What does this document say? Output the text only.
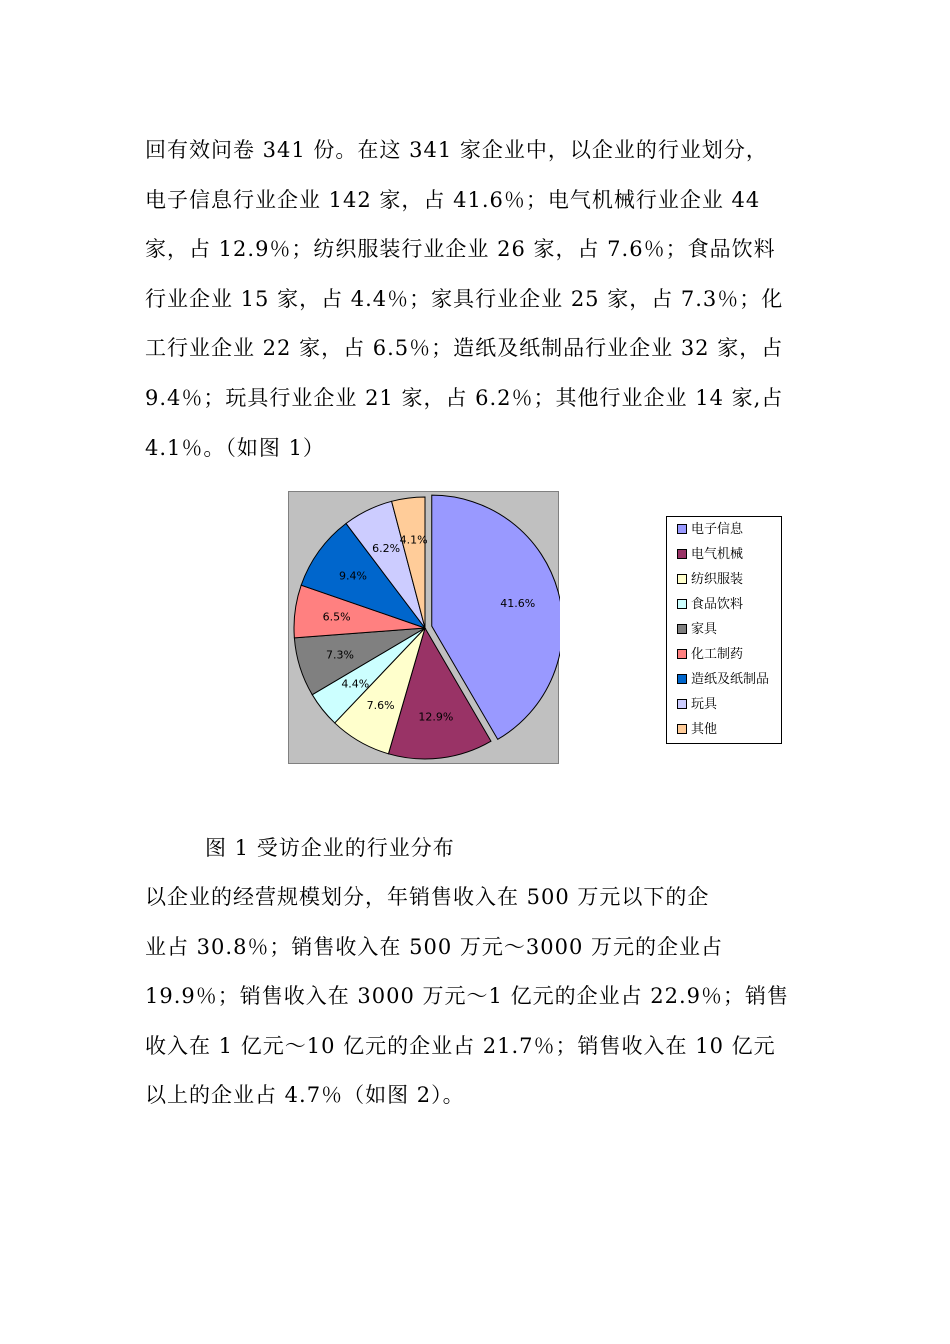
回有效问卷 341 份。在这 341 家企业中，以企业的行业划分，
电子信息行业企业 142 家，占 41.6％；电气机械行业企业 44
家，占 12.9％；纺织服装行业企业 26 家，占 7.6％；食品饮料
行业企业 15 家，占 4.4％；家具行业企业 25 家，占 7.3％；化
工行业企业 22 家，占 6.5％；造纸及纸制品行业企业 32 家，占
9.4％；玩具行业企业 21 家，占 6.2％；其他行业企业 14 家,占
4.1％。（如图 1）
41.6%
12.9%
7.6%
4.4%
7.3%
6.5%
9.4%
6.2%
4.1%
电子信息
电气机械
纺织服装
食品饮料
家具
化工制药
造纸及纸制品
玩具
其他
图 1 受访企业的行业分布
以企业的经营规模划分，年销售收入在 500 万元以下的企
业占 30.8％；销售收入在 500 万元～3000 万元的企业占
19.9％；销售收入在 3000 万元～1 亿元的企业占 22.9％；销售
收入在 1 亿元～10 亿元的企业占 21.7％；销售收入在 10 亿元
以上的企业占 4.7％（如图 2）。
